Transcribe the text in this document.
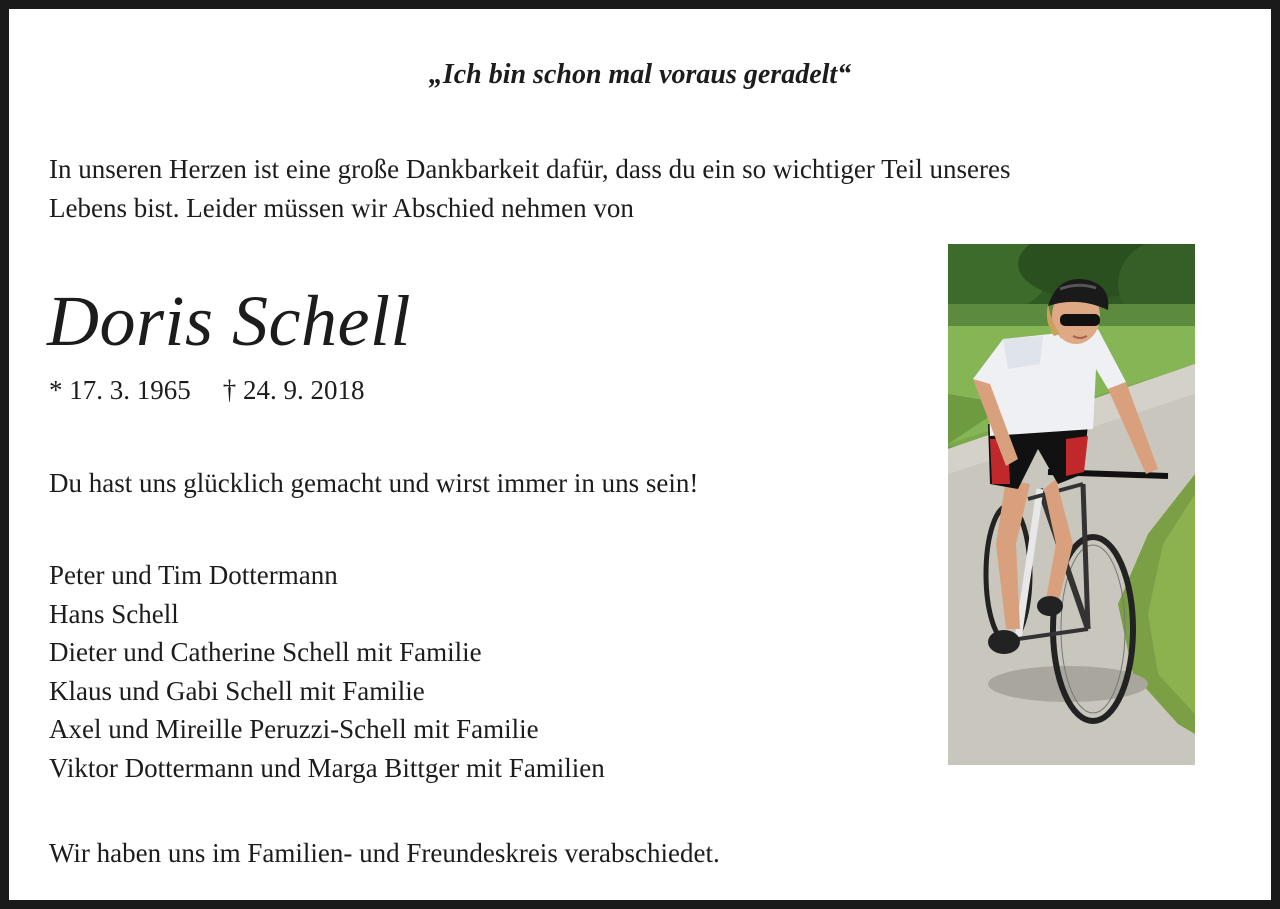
„Ich bin schon mal voraus geradelt“
In unseren Herzen ist eine große Dankbarkeit dafür, dass du ein so wichtiger Teil unseres
Lebens bist. Leider müssen wir Abschied nehmen von
Doris Schell
* 17. 3. 1965 † 24. 9. 2018
Du hast uns glücklich gemacht und wirst immer in uns sein!
Peter und Tim Dottermann
Hans Schell
Dieter und Catherine Schell mit Familie
Klaus und Gabi Schell mit Familie
Axel und Mireille Peruzzi-Schell mit Familie
Viktor Dottermann und Marga Bittger mit Familien
Wir haben uns im Familien- und Freundeskreis verabschiedet.
